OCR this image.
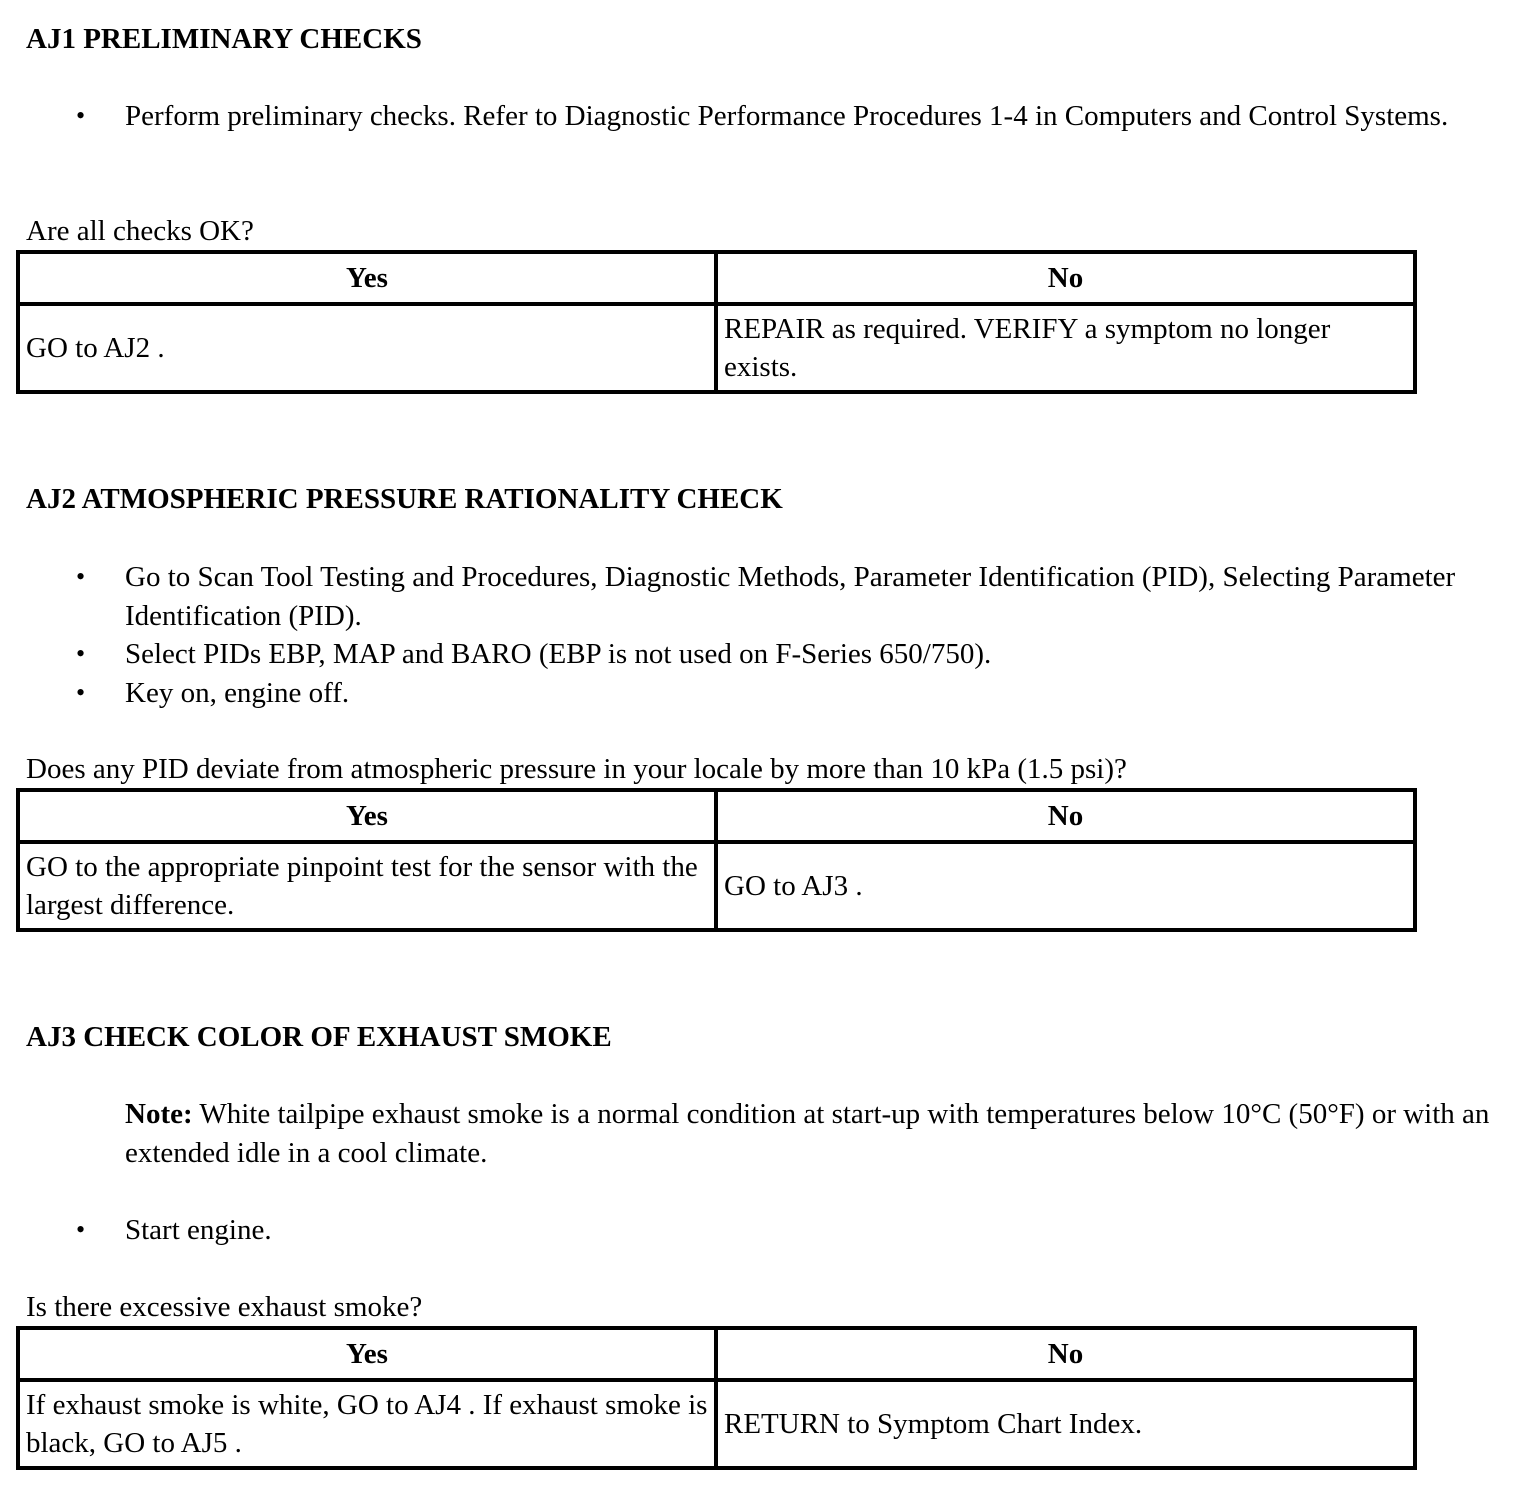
AJ1 PRELIMINARY CHECKS
• Perform preliminary checks. Refer to Diagnostic Performance Procedures 1-4 in Computers and Control Systems.

Are all checks OK?

Yes	No
GO to AJ2 .	REPAIR as required. VERIFY a symptom no longer exists.
AJ2 ATMOSPHERIC PRESSURE RATIONALITY CHECK
• Go to Scan Tool Testing and Procedures, Diagnostic Methods, Parameter Identification (PID), Selecting Parameter Identification (PID).
• Select PIDs EBP, MAP and BARO (EBP is not used on F-Series 650/750).
• Key on, engine off.

Does any PID deviate from atmospheric pressure in your locale by more than 10 kPa (1.5 psi)?

Yes	No
GO to the appropriate pinpoint test for the sensor with the largest difference.	GO to AJ3 .
AJ3 CHECK COLOR OF EXHAUST SMOKE

Note: White tailpipe exhaust smoke is a normal condition at start-up with temperatures below 10°C (50°F) or with an extended idle in a cool climate.

• Start engine.

Is there excessive exhaust smoke?

Yes	No
If exhaust smoke is white, GO to AJ4 . If exhaust smoke is black, GO to AJ5 .	RETURN to Symptom Chart Index.
